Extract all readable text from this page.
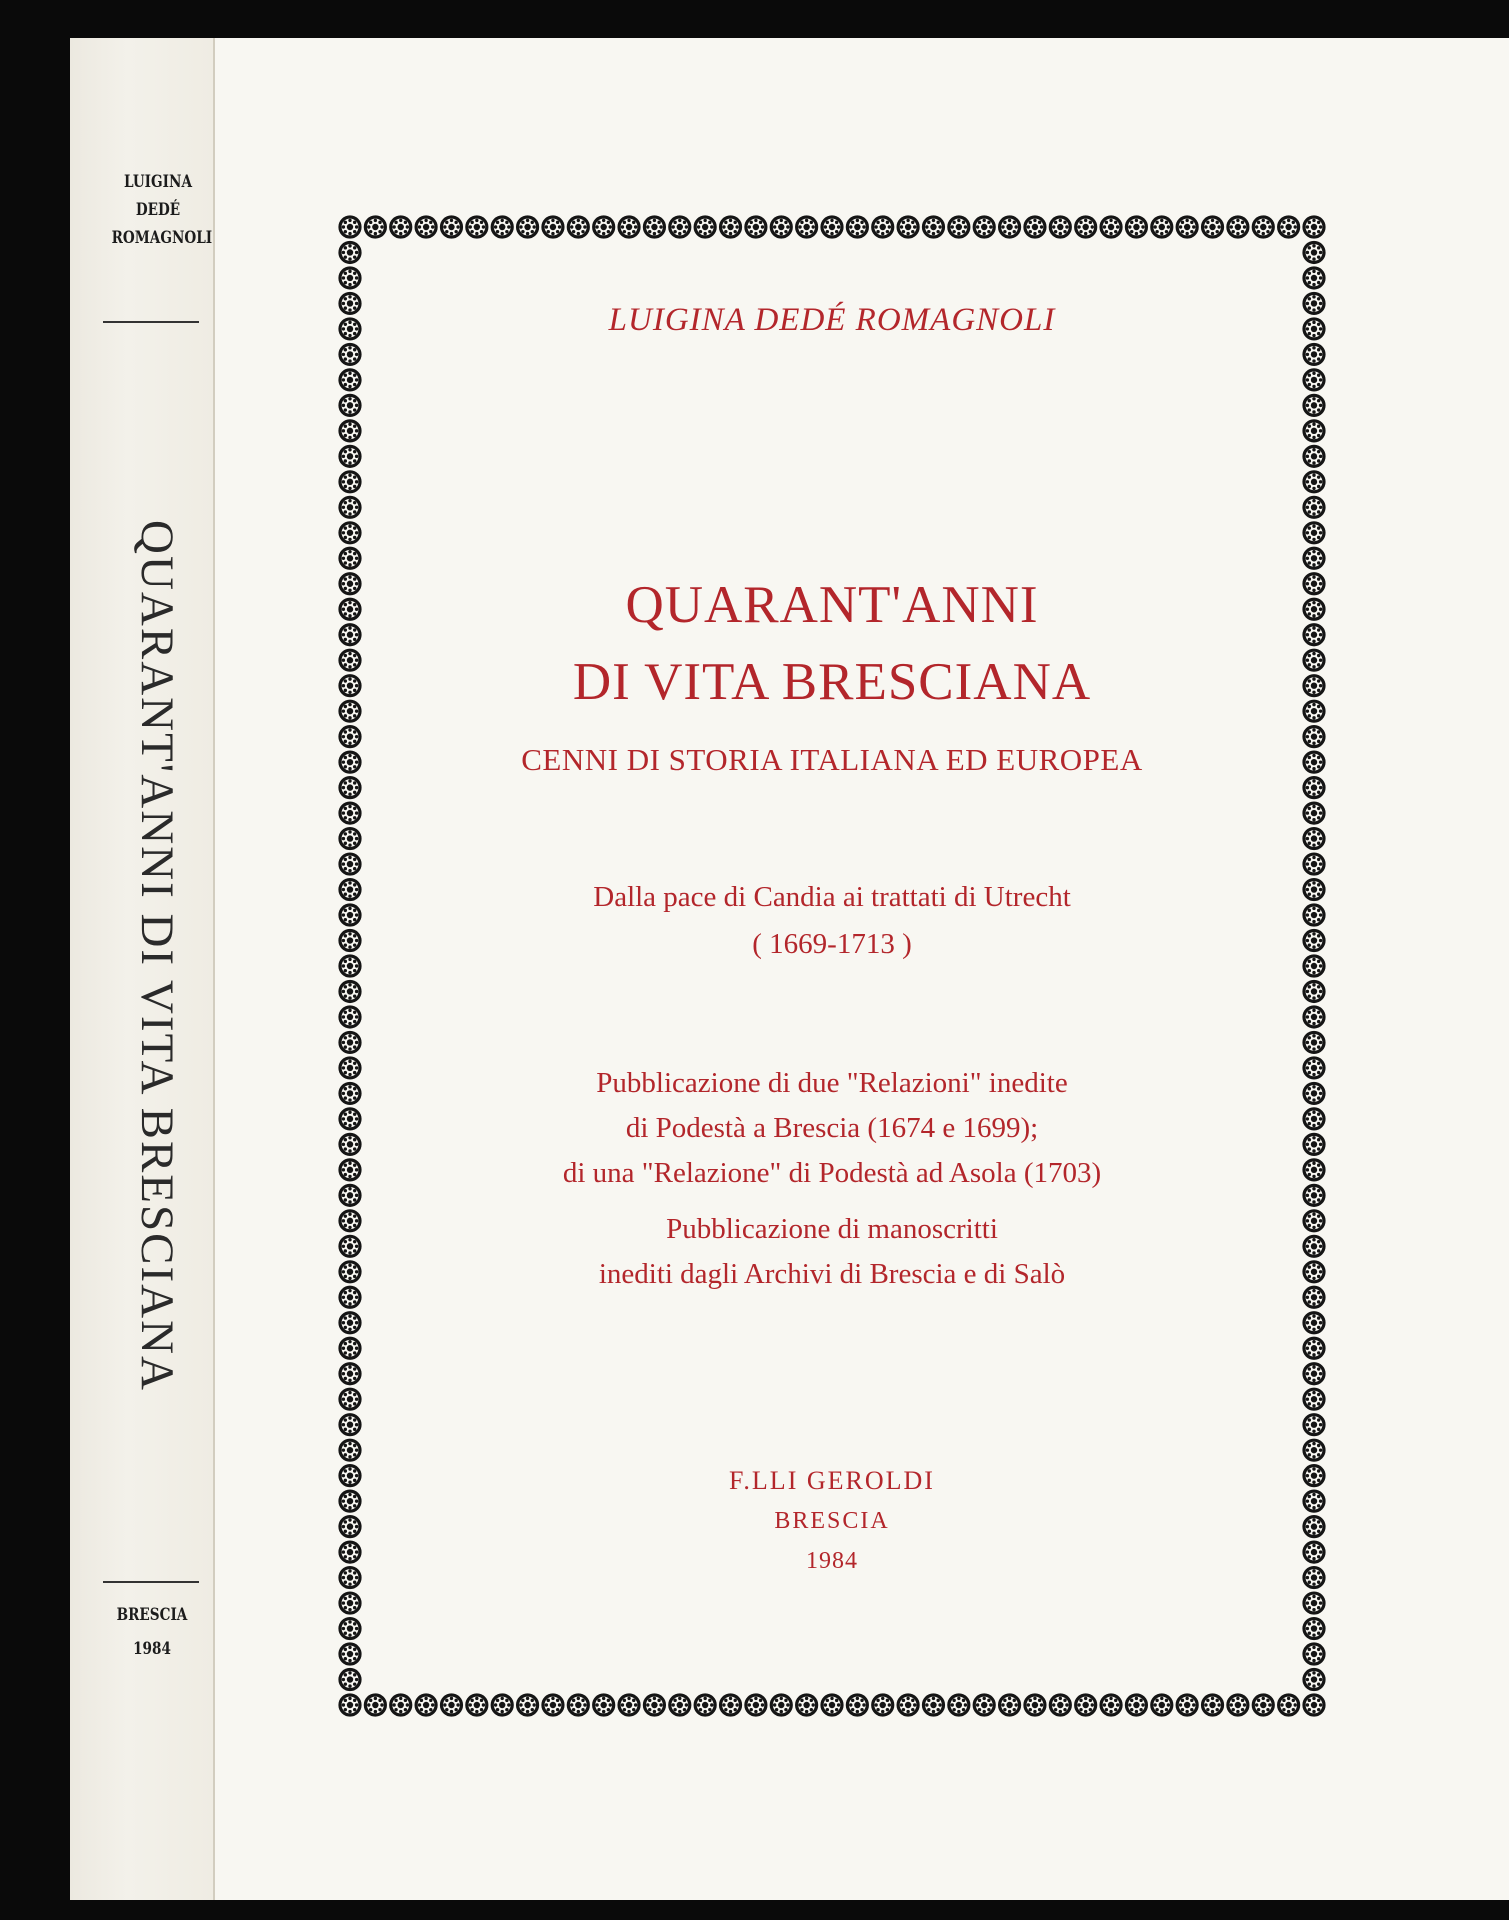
LUIGINA
DEDÉ
ROMAGNOLI
QUARANT'ANNI DI VITA BRESCIANA
BRESCIA
1984
LUIGINA DEDÉ ROMAGNOLI
QUARANT'ANNI
DI VITA BRESCIANA
CENNI DI STORIA ITALIANA ED EUROPEA
Dalla pace di Candia ai trattati di Utrecht
( 1669-1713 )
Pubblicazione di due "Relazioni" inedite
di Podestà a Brescia (1674 e 1699);
di una "Relazione" di Podestà ad Asola (1703)
Pubblicazione di manoscritti
inediti dagli Archivi di Brescia e di Salò
F.LLI GEROLDI
BRESCIA
1984
